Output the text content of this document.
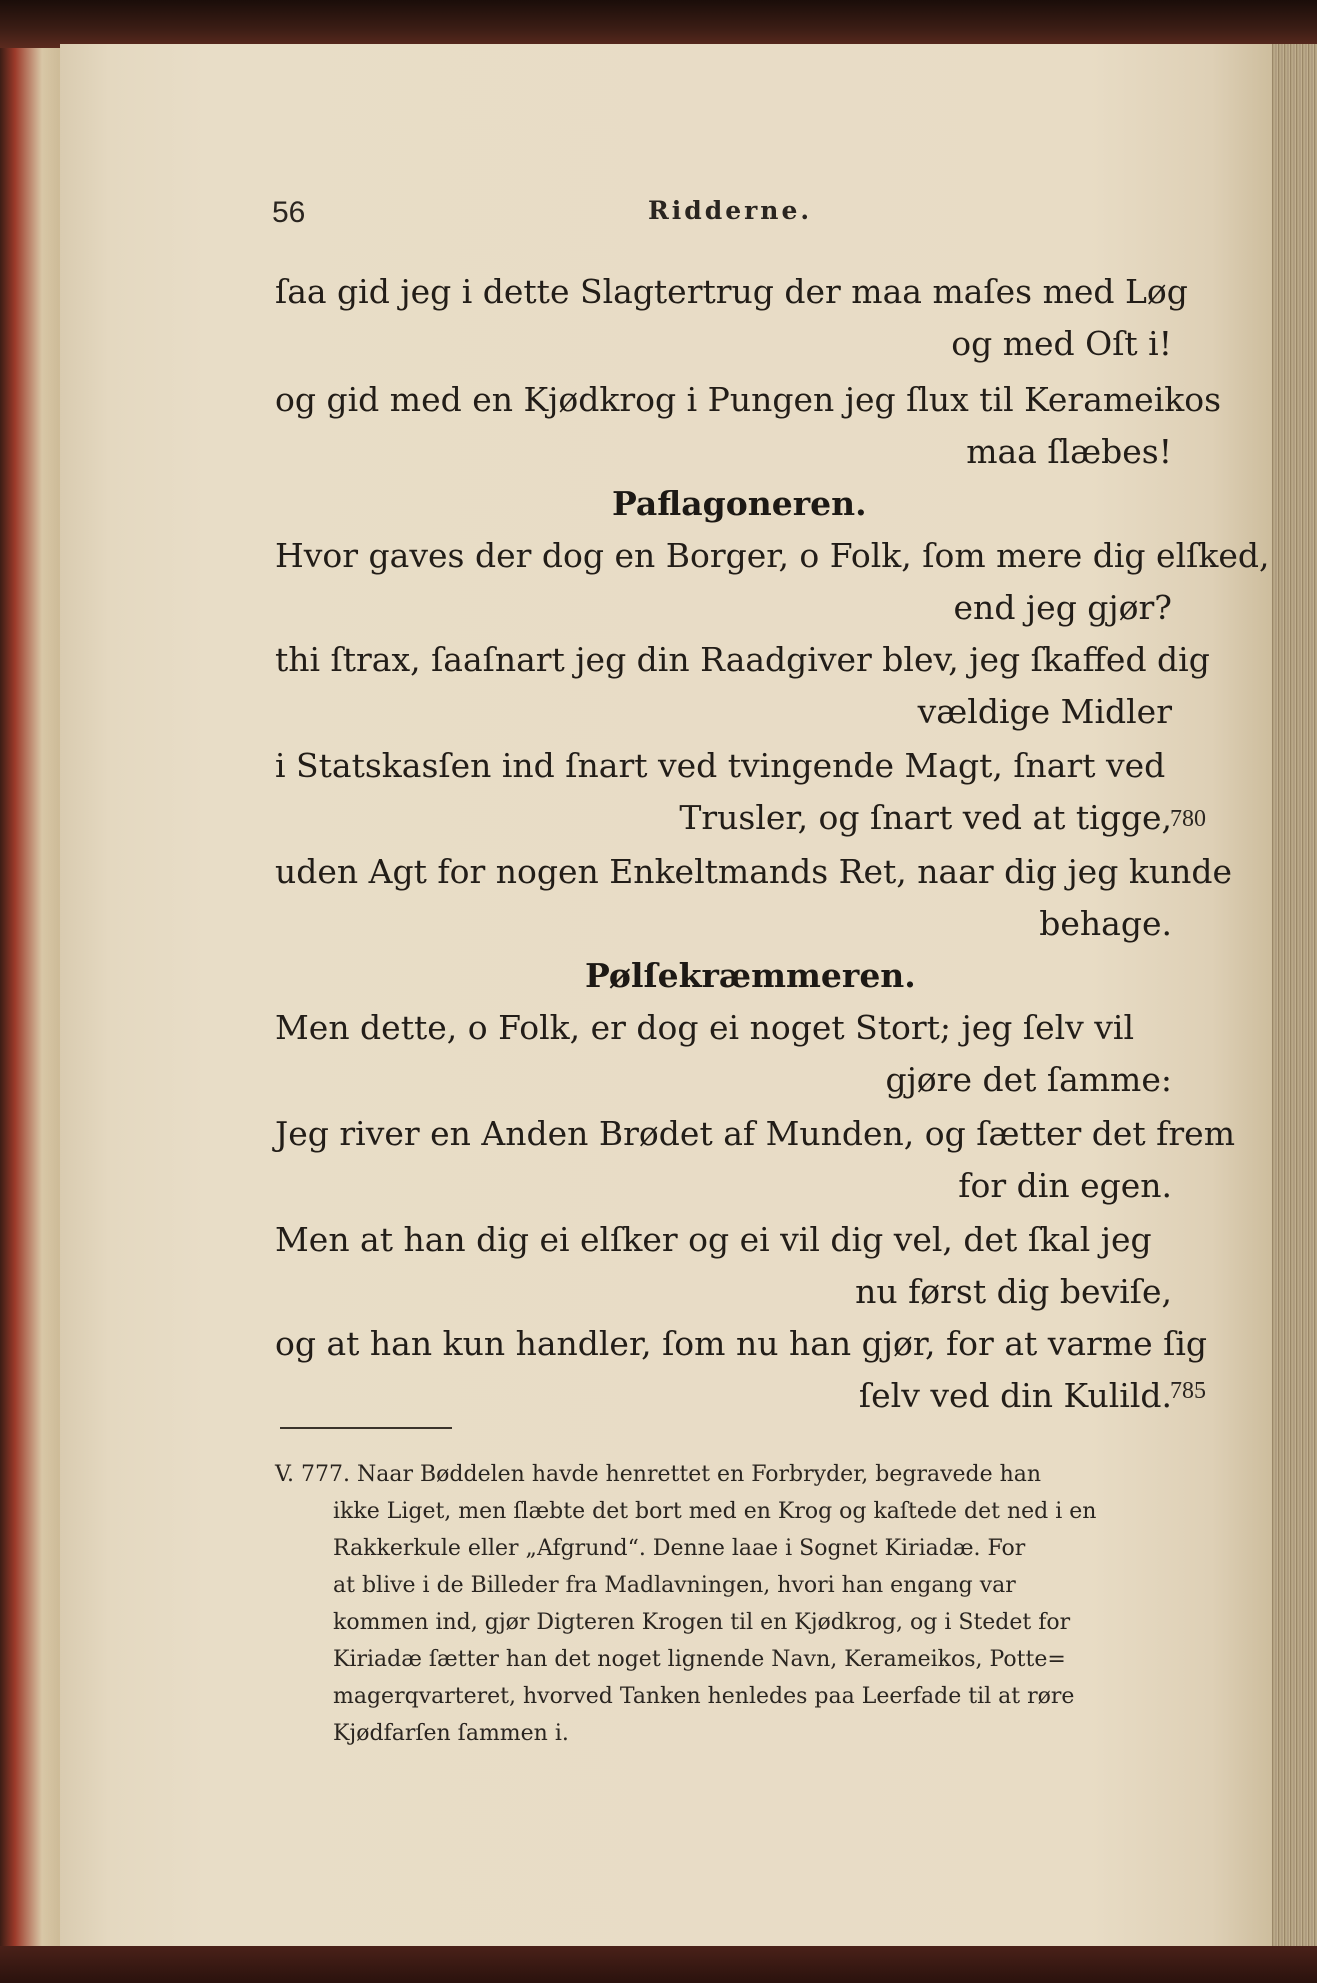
56	Ridderne.
ſaa gid jeg i dette Slagtertrug der maa maſes med Løg
og med Oſt i!
og gid med en Kjødkrog i Pungen jeg ſlux til Kerameikos
maa ſlæbes!
Paflagoneren.
Hvor gaves der dog en Borger, o Folk, ſom mere dig elſked,
end jeg gjør?
thi ſtrax, ſaaſnart jeg din Raadgiver blev, jeg ſkaffed dig
vældige Midler
i Statskasſen ind ſnart ved tvingende Magt, ſnart ved
Trusler, og ſnart ved at tigge,
780
uden Agt for nogen Enkeltmands Ret, naar dig jeg kunde
behage.
Pølſekræmmeren.
Men dette, o Folk, er dog ei noget Stort; jeg ſelv vil
gjøre det ſamme:
Jeg river en Anden Brødet af Munden, og ſætter det frem
for din egen.
Men at han dig ei elſker og ei vil dig vel, det ſkal jeg
nu først dig beviſe,
og at han kun handler, ſom nu han gjør, for at varme ſig
ſelv ved din Kulild.
785
V. 777. Naar Bøddelen havde henrettet en Forbryder, begravede han
ikke Liget, men ſlæbte det bort med en Krog og kaſtede det ned i en
Rakkerkule eller „Afgrund“. Denne laae i Sognet Kiriadæ. For
at blive i de Billeder fra Madlavningen, hvori han engang var
kommen ind, gjør Digteren Krogen til en Kjødkrog, og i Stedet for
Kiriadæ ſætter han det noget lignende Navn, Kerameikos, Potte=
magerqvarteret, hvorved Tanken henledes paa Leerfade til at røre
Kjødfarſen ſammen i.
